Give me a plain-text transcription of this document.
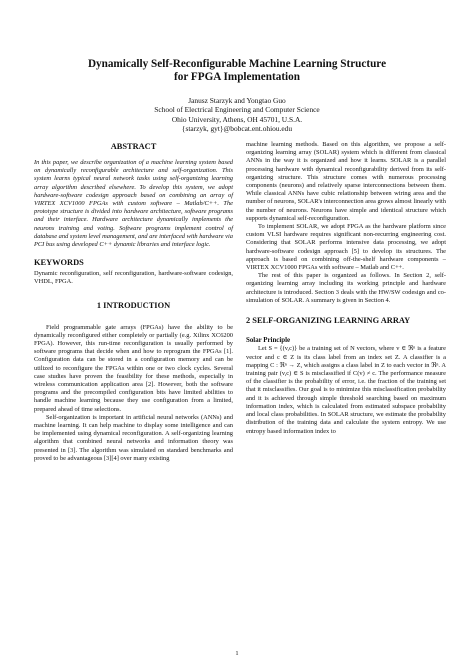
Dynamically Self-Reconfigurable Machine Learning Structure
for FPGA Implementation
Janusz Starzyk and Yongtao Guo
School of Electrical Engineering and Computer Science
Ohio University, Athens, OH 45701, U.S.A.
{starzyk, gyt}@bobcat.ent.ohiou.edu
ABSTRACT

In this paper, we describe organization of a machine learning system based on dynamically reconfigurable architecture and self-organization. This system learns typical neural network tasks using self-organizing learning array algorithm described elsewhere. To develop this system, we adopt hardware-software codesign approach based on combining an array of VIRTEX XCV1000 FPGAs with custom software – Matlab/C++. The prototype structure is divided into hardware architecture, software programs and their interface. Hardware architecture dynamically implements the neurons training and voting. Software programs implement control of database and system level management, and are interfaced with hardware via PCI bus using developed C++ dynamic libraries and interface logic.

KEYWORDS

Dynamic reconfiguration, self reconfiguration, hardware-software codesign, VHDL, FPGA.

1 INTRODUCTION

Field programmable gate arrays (FPGAs) have the ability to be dynamically reconfigured either completely or partially (e.g. Xilinx XC6200 FPGA). However, this run-time reconfiguration is usually performed by software programs that decide when and how to reprogram the FPGAs [1]. Configuration data can be stored in a configuration memory and can be utilized to reconfigure the FPGAs within one or two clock cycles. Several case studies have proven the feasibility for these methods, especially in wireless communication application area [2]. However, both the software programs and the precompiled configuration bits have limited abilities to handle machine learning because they use configuration from a limited, prepared ahead of time selections.

Self-organization is important in artificial neural networks (ANNs) and machine learning. It can help machine to display some intelligence and can be implemented using dynamical reconfiguration. A self-organizing learning algorithm that combined neural networks and information theory was presented in [3]. The algorithm was simulated on standard benchmarks and proved to be advantageous [3][4] over many existing

machine learning methods. Based on this algorithm, we propose a self-organizing learning array (SOLAR) system which is different from classical ANNs in the way it is organized and how it learns. SOLAR is a parallel processing hardware with dynamical reconfigurability derived from its self-organizing structure. This structure comes with numerous processing components (neurons) and relatively sparse interconnections between them. While classical ANNs have cubic relationship between wiring area and the number of neurons, SOLAR's interconnection area grows almost linearly with the number of neurons. Neurons have simple and identical structure which supports dynamical self-reconfiguration.

To implement SOLAR, we adopt FPGA as the hardware platform since custom VLSI hardware requires significant non-recurring engineering cost. Considering that SOLAR performs intensive data processing, we adopt hardware-software codesign approach [5] to develop its structures. The approach is based on combining off-the-shelf hardware components – VIRTEX XCV1000 FPGAs with software – Matlab and C++.

The rest of this paper is organized as follows. In Section 2, self-organizing learning array including its working principle and hardware architecture is introduced. Section 3 deals with the HW/SW codesign and co-simulation of SOLAR. A summary is given in Section 4.

2 SELF-ORGANIZING LEARNING ARRAY
Solar Principle

Let S = {(v,c)} be a training set of N vectors, where v ∈ ℜⁿ is a feature vector and c ∈ Z is its class label from an index set Z. A classifier is a mapping C : ℜⁿ → Z, which assigns a class label in Z to each vector in ℜⁿ. A training pair (v,c) ∈ S is misclassified if C(v) ≠ c. The performance measure of the classifier is the probability of error, i.e. the fraction of the training set that it misclassifies. Our goal is to minimize this misclassification probability and it is achieved through simple threshold searching based on maximum information index, which is calculated from estimated subspace probability and local class probabilities. In SOLAR structure, we estimate the probability distribution of the training data and calculate the system entropy. We use entropy based information index to

1
